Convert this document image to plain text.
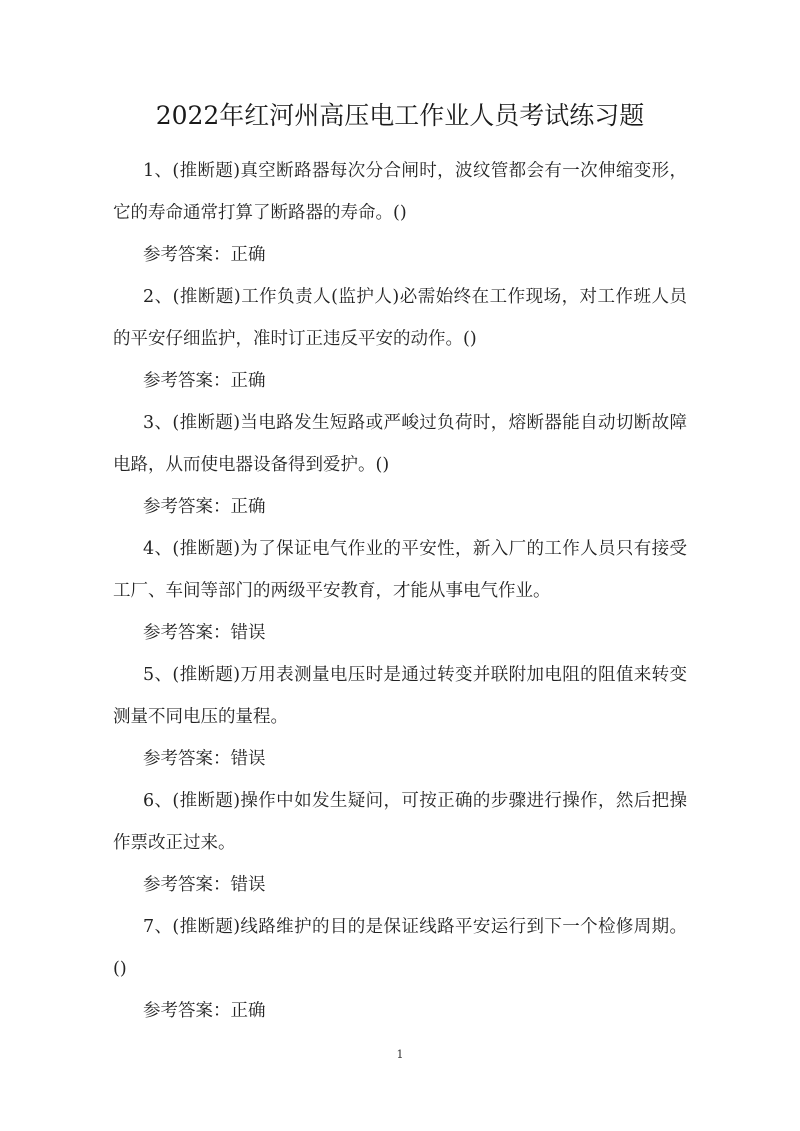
2022年红河州高压电工作业人员考试练习题

1、(推断题)真空断路器每次分合闸时，波纹管都会有一次伸缩变形，它的寿命通常打算了断路器的寿命。()

参考答案：正确

2、(推断题)工作负责人(监护人)必需始终在工作现场，对工作班人员的平安仔细监护，准时订正违反平安的动作。()

参考答案：正确

3、(推断题)当电路发生短路或严峻过负荷时，熔断器能自动切断故障电路，从而使电器设备得到爱护。()

参考答案：正确

4、(推断题)为了保证电气作业的平安性，新入厂的工作人员只有接受工厂、车间等部门的两级平安教育，才能从事电气作业。

参考答案：错误

5、(推断题)万用表测量电压时是通过转变并联附加电阻的阻值来转变测量不同电压的量程。

参考答案：错误

6、(推断题)操作中如发生疑问，可按正确的步骤进行操作，然后把操作票改正过来。

参考答案：错误

7、(推断题)线路维护的目的是保证线路平安运行到下一个检修周期。()

参考答案：正确

1
